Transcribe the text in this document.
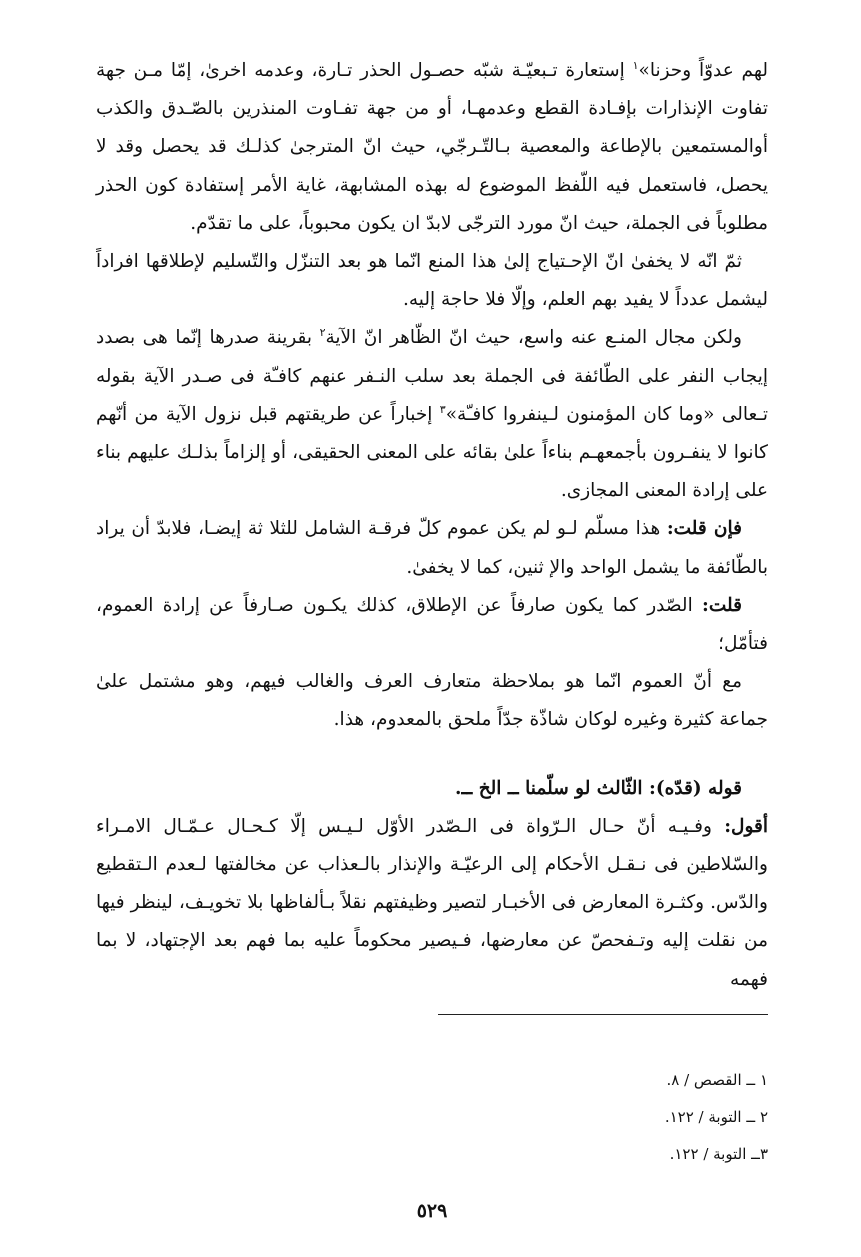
لهم عدوّاً وحزنا»$^١$ إستعارة تـبعيّـة شبّه حصـول الحذر تـارة، وعدمه اخرىٰ، إمّا مـن جهة تفاوت الإنذارات بإفـادة القطع وعدمهـا، أو من جهة تفـاوت المنذرين بالصّـدق والكذب أوالمستمعين بالإطاعة والمعصية بـالتّـرجّي، حيث انّ المترجىٰ كذلـك قد يحصل وقد لا يحصل، فاستعمل فيه اللّفظ الموضوع له بهذه المشابهة، غاية الأمر إستفادة كون الحذر مطلوباً فى الجملة، حيث انّ مورد الترجّى لابدّ ان يكون محبوباً، على ما تقدّم.

ثمّ انّه لا يخفىٰ انّ الإحـتياج إلىٰ هذا المنع انّما هو بعد التنزّل والتّسليم لإطلاقها افراداً ليشمل عدداً لا يفيد بهم العلم، وإلّا فلا حاجة إليه.

ولكن مجال المنـع عنه واسع، حيث انّ الظّاهر انّ الآية$^٢$ بقرينة صدرها إنّما هى بصدد إيجاب النفر على الطّائفة فى الجملة بعد سلب النـفر عنهم كافـّة فى صـدر الآية بقوله تـعالى «وما كان المؤمنون لـينفروا كافـّة»$^٣$ إخباراً عن طريقتهم قبل نزول الآية من أنّهم كانوا لا ينفـرون بأجمعهـم بناءاً علىٰ بقائه على المعنى الحقيقى، أو إلزاماً بذلـك عليهم بناء على إرادة المعنى المجازى.

فإن قلت: هذا مسلّم لـو لم يكن عموم كلّ فرقـة الشامل للثلا ثة إيضـا، فلابدّ أن يراد بالطّائفة ما يشمل الواحد والإ ثنين، كما لا يخفىٰ.

قلت: الصّدر كما يكون صارفاً عن الإطلاق، كذلك يكـون صـارفاً عن إرادة العموم، فتأمّل؛

مع أنّ العموم انّما هو بملاحظة متعارف العرف والغالب فيهم، وهو مشتمل علىٰ جماعة كثيرة وغيره لوكان شاذّة جدّاً ملحق بالمعدوم، هذا.

قوله (قدّه): الثّالث لو سلّمنا ــ الخ ــ.

أقول: وفـيـه أنّ حـال الـرّواة فى الـصّدر الأوّل لـيـس إلّا كـحـال عـمّـال الامـراء والسّلاطين فى نـقـل الأحكام إلى الرعيّـة والإنذار بالـعذاب عن مخالفتها لـعدم الـتقطيع والدّس. وكثـرة المعارض فى الأخبـار لتصير وظيفتهم نقلاً بـألفاظها بلا تخويـف، لينظر فيها من نقلت إليه وتـفحصّ عن معارضها، فـيصير محكوماً عليه بما فهم بعد الإجتهاد، لا بما فهمه

١ ــ القصص / ٨.

٢ ــ التوبة / ١٢٢.

٣ــ التوبة / ١٢٢.

٥٢٩
